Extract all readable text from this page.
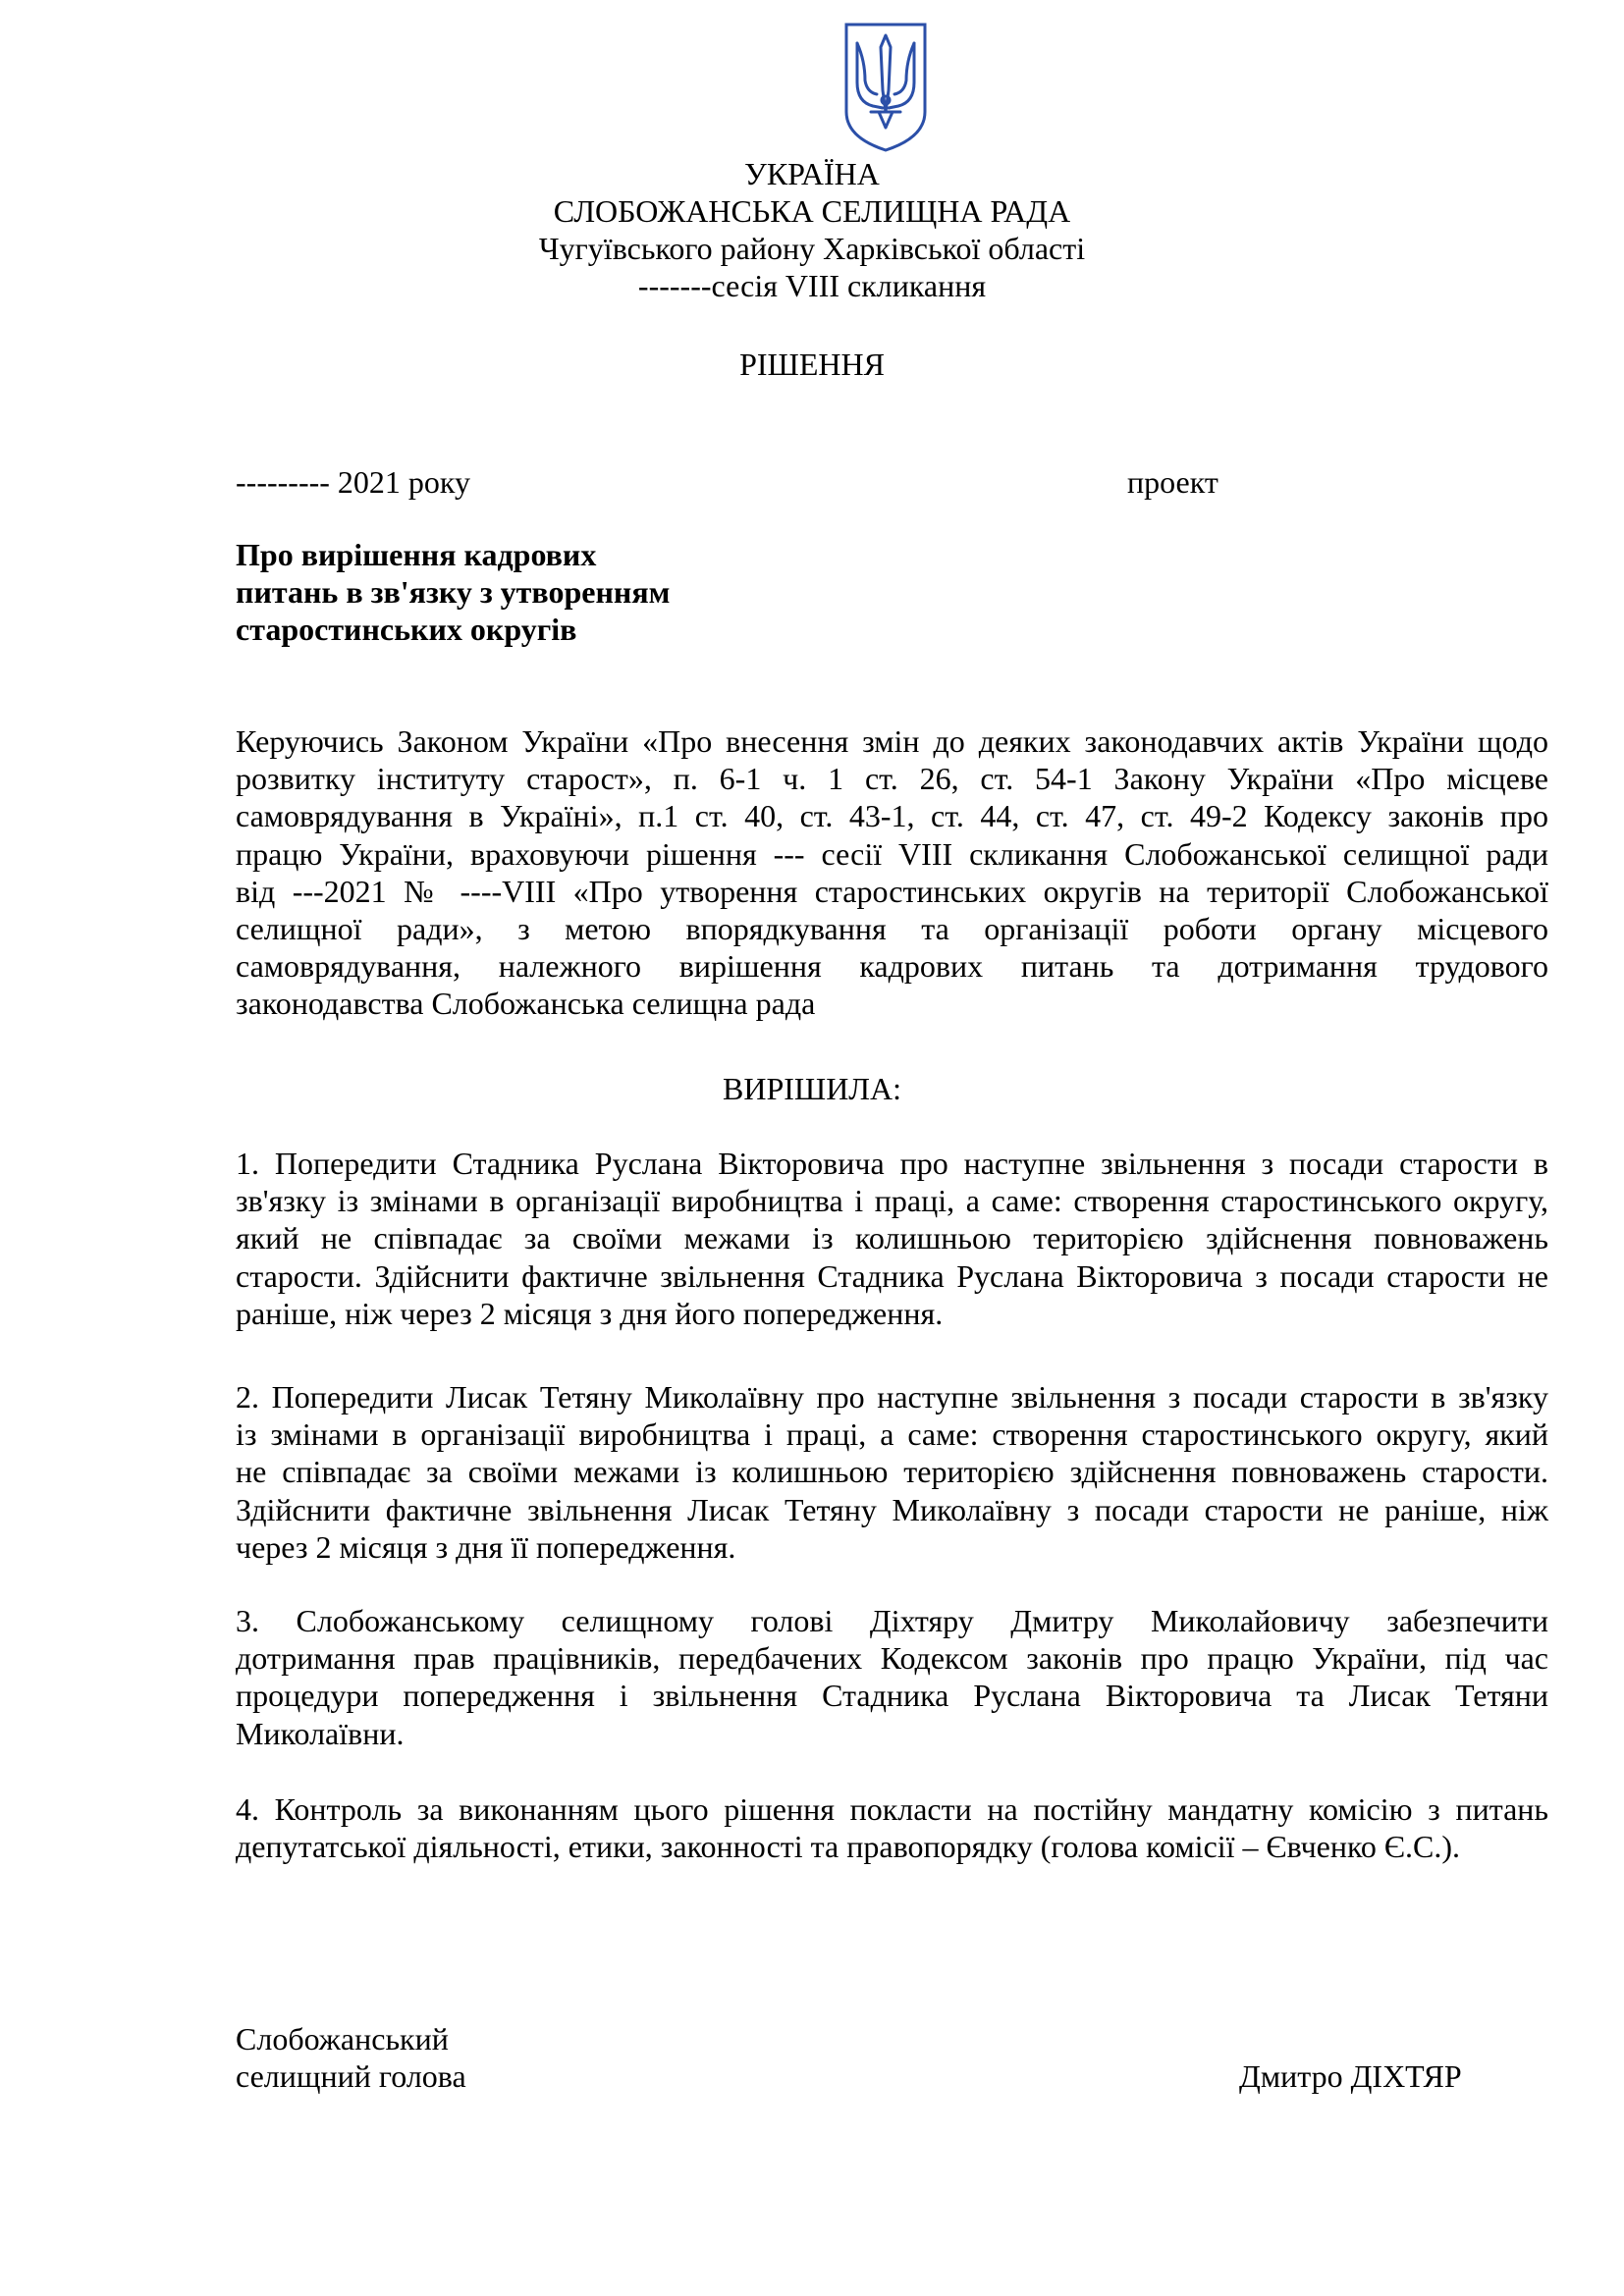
УКРАЇНА
СЛОБОЖАНСЬКА СЕЛИЩНА РАДА
Чугуївського району Харківської області
-------сесія VIII скликання
РІШЕННЯ
--------- 2021 року	проект
Про вирішення кадрових
питань в зв'язку з утворенням
старостинських округів

Керуючись Законом України «Про внесення змін до деяких законодавчих актів України щодо
розвитку інституту старост», п. 6-1 ч. 1 ст. 26, ст. 54-1 Закону України «Про місцеве
самоврядування в Україні», п.1 ст. 40, ст. 43-1, ст. 44, ст. 47, ст. 49-2 Кодексу законів про
працю України, враховуючи рішення --- сесії VIII скликання Слобожанської селищної ради
від ---2021 № ----VIII «Про утворення старостинських округів на території Слобожанської
селищної ради», з метою впорядкування та організації роботи органу місцевого
самоврядування, належного вирішення кадрових питань та дотримання трудового
законодавства Слобожанська селищна рада

ВИРІШИЛА:

1. Попередити Стадника Руслана Вікторовича про наступне звільнення з посади старости в
зв'язку із змінами в організації виробництва і праці, а саме: створення старостинського округу,
який не співпадає за своїми межами із колишньою територією здійснення повноважень
старости. Здійснити фактичне звільнення Стадника Руслана Вікторовича з посади старости не
раніше, ніж через 2 місяця з дня його попередження.

2. Попередити Лисак Тетяну Миколаївну про наступне звільнення з посади старости в зв'язку
із змінами в організації виробництва і праці, а саме: створення старостинського округу, який
не співпадає за своїми межами із колишньою територією здійснення повноважень старости.
Здійснити фактичне звільнення Лисак Тетяну Миколаївну з посади старости не раніше, ніж
через 2 місяця з дня її попередження.

3. Слобожанському селищному голові Діхтяру Дмитру Миколайовичу забезпечити
дотримання прав працівників, передбачених Кодексом законів про працю України, під час
процедури попередження і звільнення Стадника Руслана Вікторовича та Лисак Тетяни
Миколаївни.

4. Контроль за виконанням цього рішення покласти на постійну мандатну комісію з питань
депутатської діяльності, етики, законності та правопорядку (голова комісії – Євченко Є.С.).

Слобожанський
селищний голова	Дмитро ДІХТЯР
